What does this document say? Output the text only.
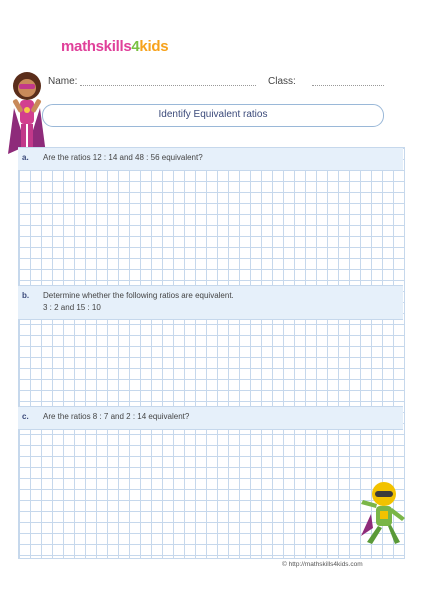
mathskills4kids
Name:	Class:
Identify Equivalent ratios
a. Are the ratios 12 : 14 and 48 : 56 equivalent?
b. Determine whether the following ratios are equivalent.
3 : 2 and 15 : 10
c. Are the ratios 8 : 7 and 2 : 14 equivalent?
© http://mathskills4kids.com
